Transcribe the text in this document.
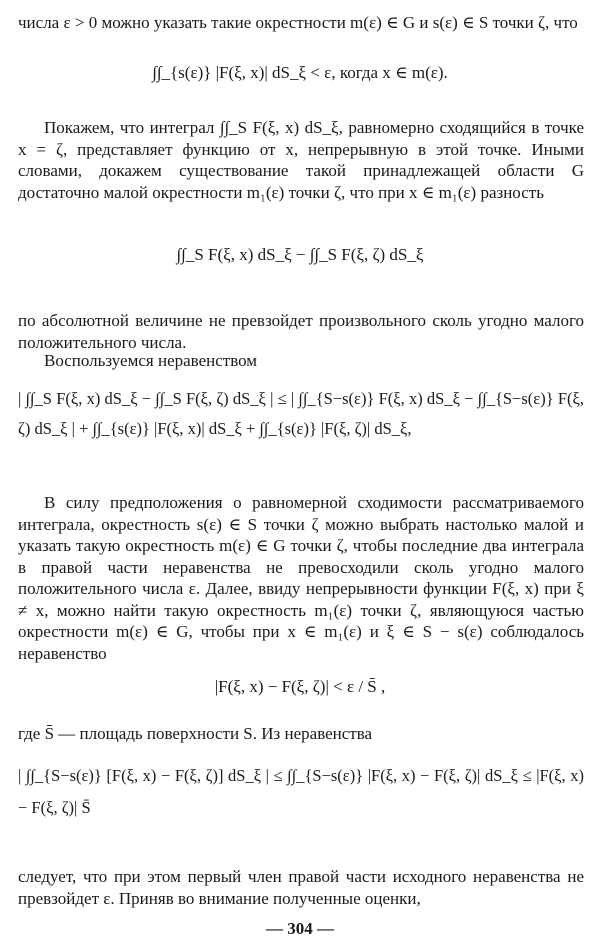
числа ε > 0 можно указать такие окрестности m(ε) ∈ G и s(ε) ∈ S точки ζ, что
∫∫_{s(ε)} |F(ξ, x)| dS_ξ < ε, когда x ∈ m(ε).
Покажем, что интеграл ∫∫_S F(ξ, x) dS_ξ, равномерно сходящийся в точке x = ζ, представляет функцию от x, непрерывную в этой точке. Иными словами, докажем существование такой принадлежащей области G достаточно малой окрестности m₁(ε) точки ζ, что при x ∈ m₁(ε) разность
∫∫_S F(ξ, x) dS_ξ − ∫∫_S F(ξ, ζ) dS_ξ
по абсолютной величине не превзойдет произвольного сколь угодно малого положительного числа.
Воспользуемся неравенством
| ∫∫_S F(ξ, x) dS_ξ − ∫∫_S F(ξ, ζ) dS_ξ | ≤ | ∫∫_{S−s(ε)} F(ξ, x) dS_ξ − ∫∫_{S−s(ε)} F(ξ, ζ) dS_ξ | + ∫∫_{s(ε)} |F(ξ, x)| dS_ξ + ∫∫_{s(ε)} |F(ξ, ζ)| dS_ξ,
В силу предположения о равномерной сходимости рассматриваемого интеграла, окрестность s(ε) ∈ S точки ζ можно выбрать настолько малой и указать такую окрестность m(ε) ∈ G точки ζ, чтобы последние два интеграла в правой части неравенства не превосходили сколь угодно малого положительного числа ε. Далее, ввиду непрерывности функции F(ξ, x) при ξ ≠ x, можно найти такую окрестность m₁(ε) точки ζ, являющуюся частью окрестности m(ε) ∈ G, чтобы при x ∈ m₁(ε) и ξ ∈ S − s(ε) соблюдалось неравенство
|F(ξ, x) − F(ξ, ζ)| < ε / S̄ ,
где S̄ — площадь поверхности S. Из неравенства
| ∫∫_{S−s(ε)} [F(ξ, x) − F(ξ, ζ)] dS_ξ | ≤ ∫∫_{S−s(ε)} |F(ξ, x) − F(ξ, ζ)| dS_ξ ≤ |F(ξ, x) − F(ξ, ζ)| S̄
следует, что при этом первый член правой части исходного неравенства не превзойдет ε. Приняв во внимание полученные оценки,
— 304 —
